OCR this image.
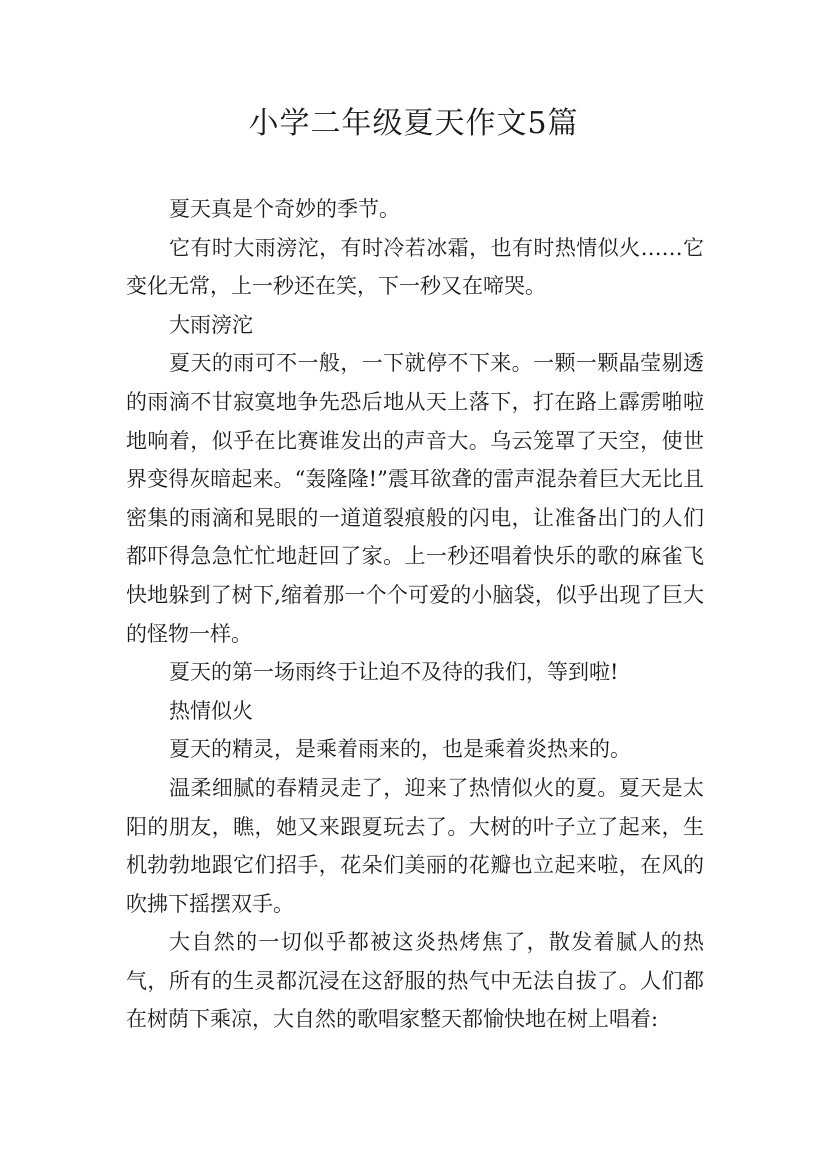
小学二年级夏天作文5篇

夏天真是个奇妙的季节。

它有时大雨滂沱，有时冷若冰霜，也有时热情似火……它变化无常，上一秒还在笑，下一秒又在啼哭。

大雨滂沱

夏天的雨可不一般，一下就停不下来。一颗一颗晶莹剔透的雨滴不甘寂寞地争先恐后地从天上落下，打在路上霹雳啪啦地响着，似乎在比赛谁发出的声音大。乌云笼罩了天空，使世界变得灰暗起来。“轰隆隆!”震耳欲聋的雷声混杂着巨大无比且密集的雨滴和晃眼的一道道裂痕般的闪电，让准备出门的人们都吓得急急忙忙地赶回了家。上一秒还唱着快乐的歌的麻雀飞快地躲到了树下,缩着那一个个可爱的小脑袋，似乎出现了巨大的怪物一样。

夏天的第一场雨终于让迫不及待的我们，等到啦!

热情似火

夏天的精灵，是乘着雨来的，也是乘着炎热来的。

温柔细腻的春精灵走了，迎来了热情似火的夏。夏天是太阳的朋友，瞧，她又来跟夏玩去了。大树的叶子立了起来，生机勃勃地跟它们招手，花朵们美丽的花瓣也立起来啦，在风的吹拂下摇摆双手。

大自然的一切似乎都被这炎热烤焦了，散发着腻人的热气，所有的生灵都沉浸在这舒服的热气中无法自拔了。人们都在树荫下乘凉，大自然的歌唱家整天都愉快地在树上唱着:
